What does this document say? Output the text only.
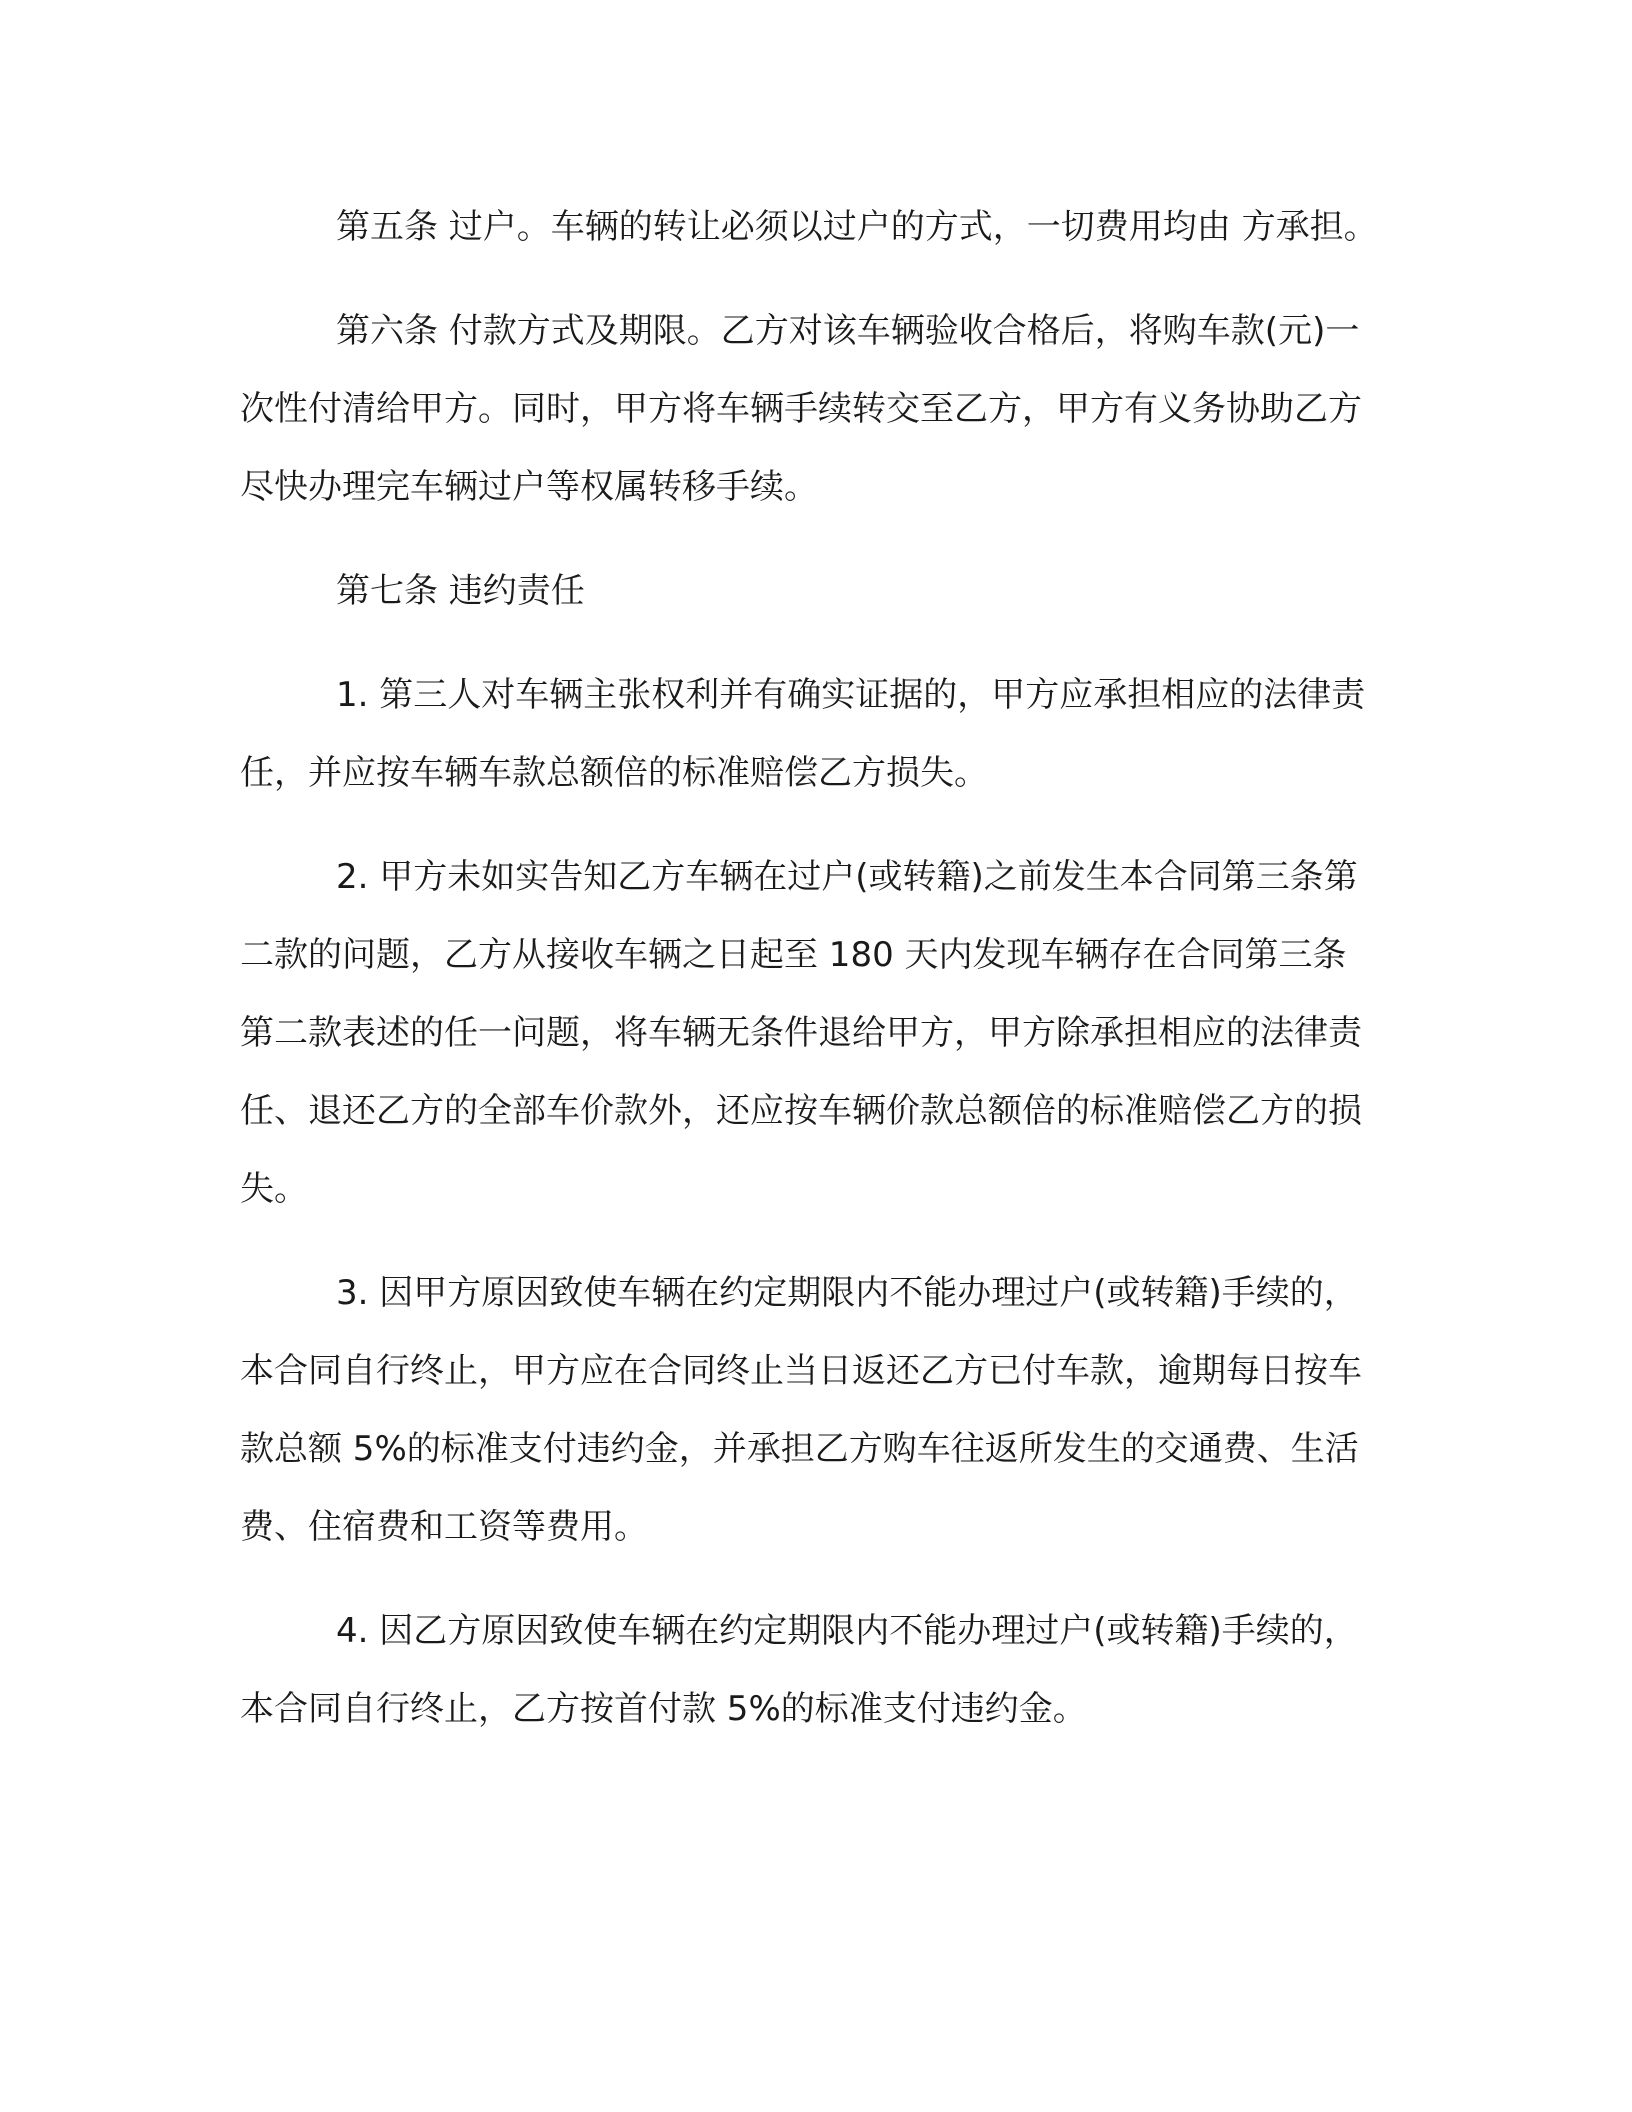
第五条 过户。车辆的转让必须以过户的方式，一切费用均由 方承担。

第六条 付款方式及期限。乙方对该车辆验收合格后，将购车款(元)一次性付清给甲方。同时，甲方将车辆手续转交至乙方，甲方有义务协助乙方尽快办理完车辆过户等权属转移手续。

第七条 违约责任

1. 第三人对车辆主张权利并有确实证据的，甲方应承担相应的法律责任，并应按车辆车款总额倍的标准赔偿乙方损失。

2. 甲方未如实告知乙方车辆在过户(或转籍)之前发生本合同第三条第二款的问题，乙方从接收车辆之日起至 180 天内发现车辆存在合同第三条第二款表述的任一问题，将车辆无条件退给甲方，甲方除承担相应的法律责任、退还乙方的全部车价款外，还应按车辆价款总额倍的标准赔偿乙方的损失。

3. 因甲方原因致使车辆在约定期限内不能办理过户(或转籍)手续的，本合同自行终止，甲方应在合同终止当日返还乙方已付车款，逾期每日按车款总额 5%的标准支付违约金，并承担乙方购车往返所发生的交通费、生活费、住宿费和工资等费用。

4. 因乙方原因致使车辆在约定期限内不能办理过户(或转籍)手续的，本合同自行终止，乙方按首付款 5%的标准支付违约金。
